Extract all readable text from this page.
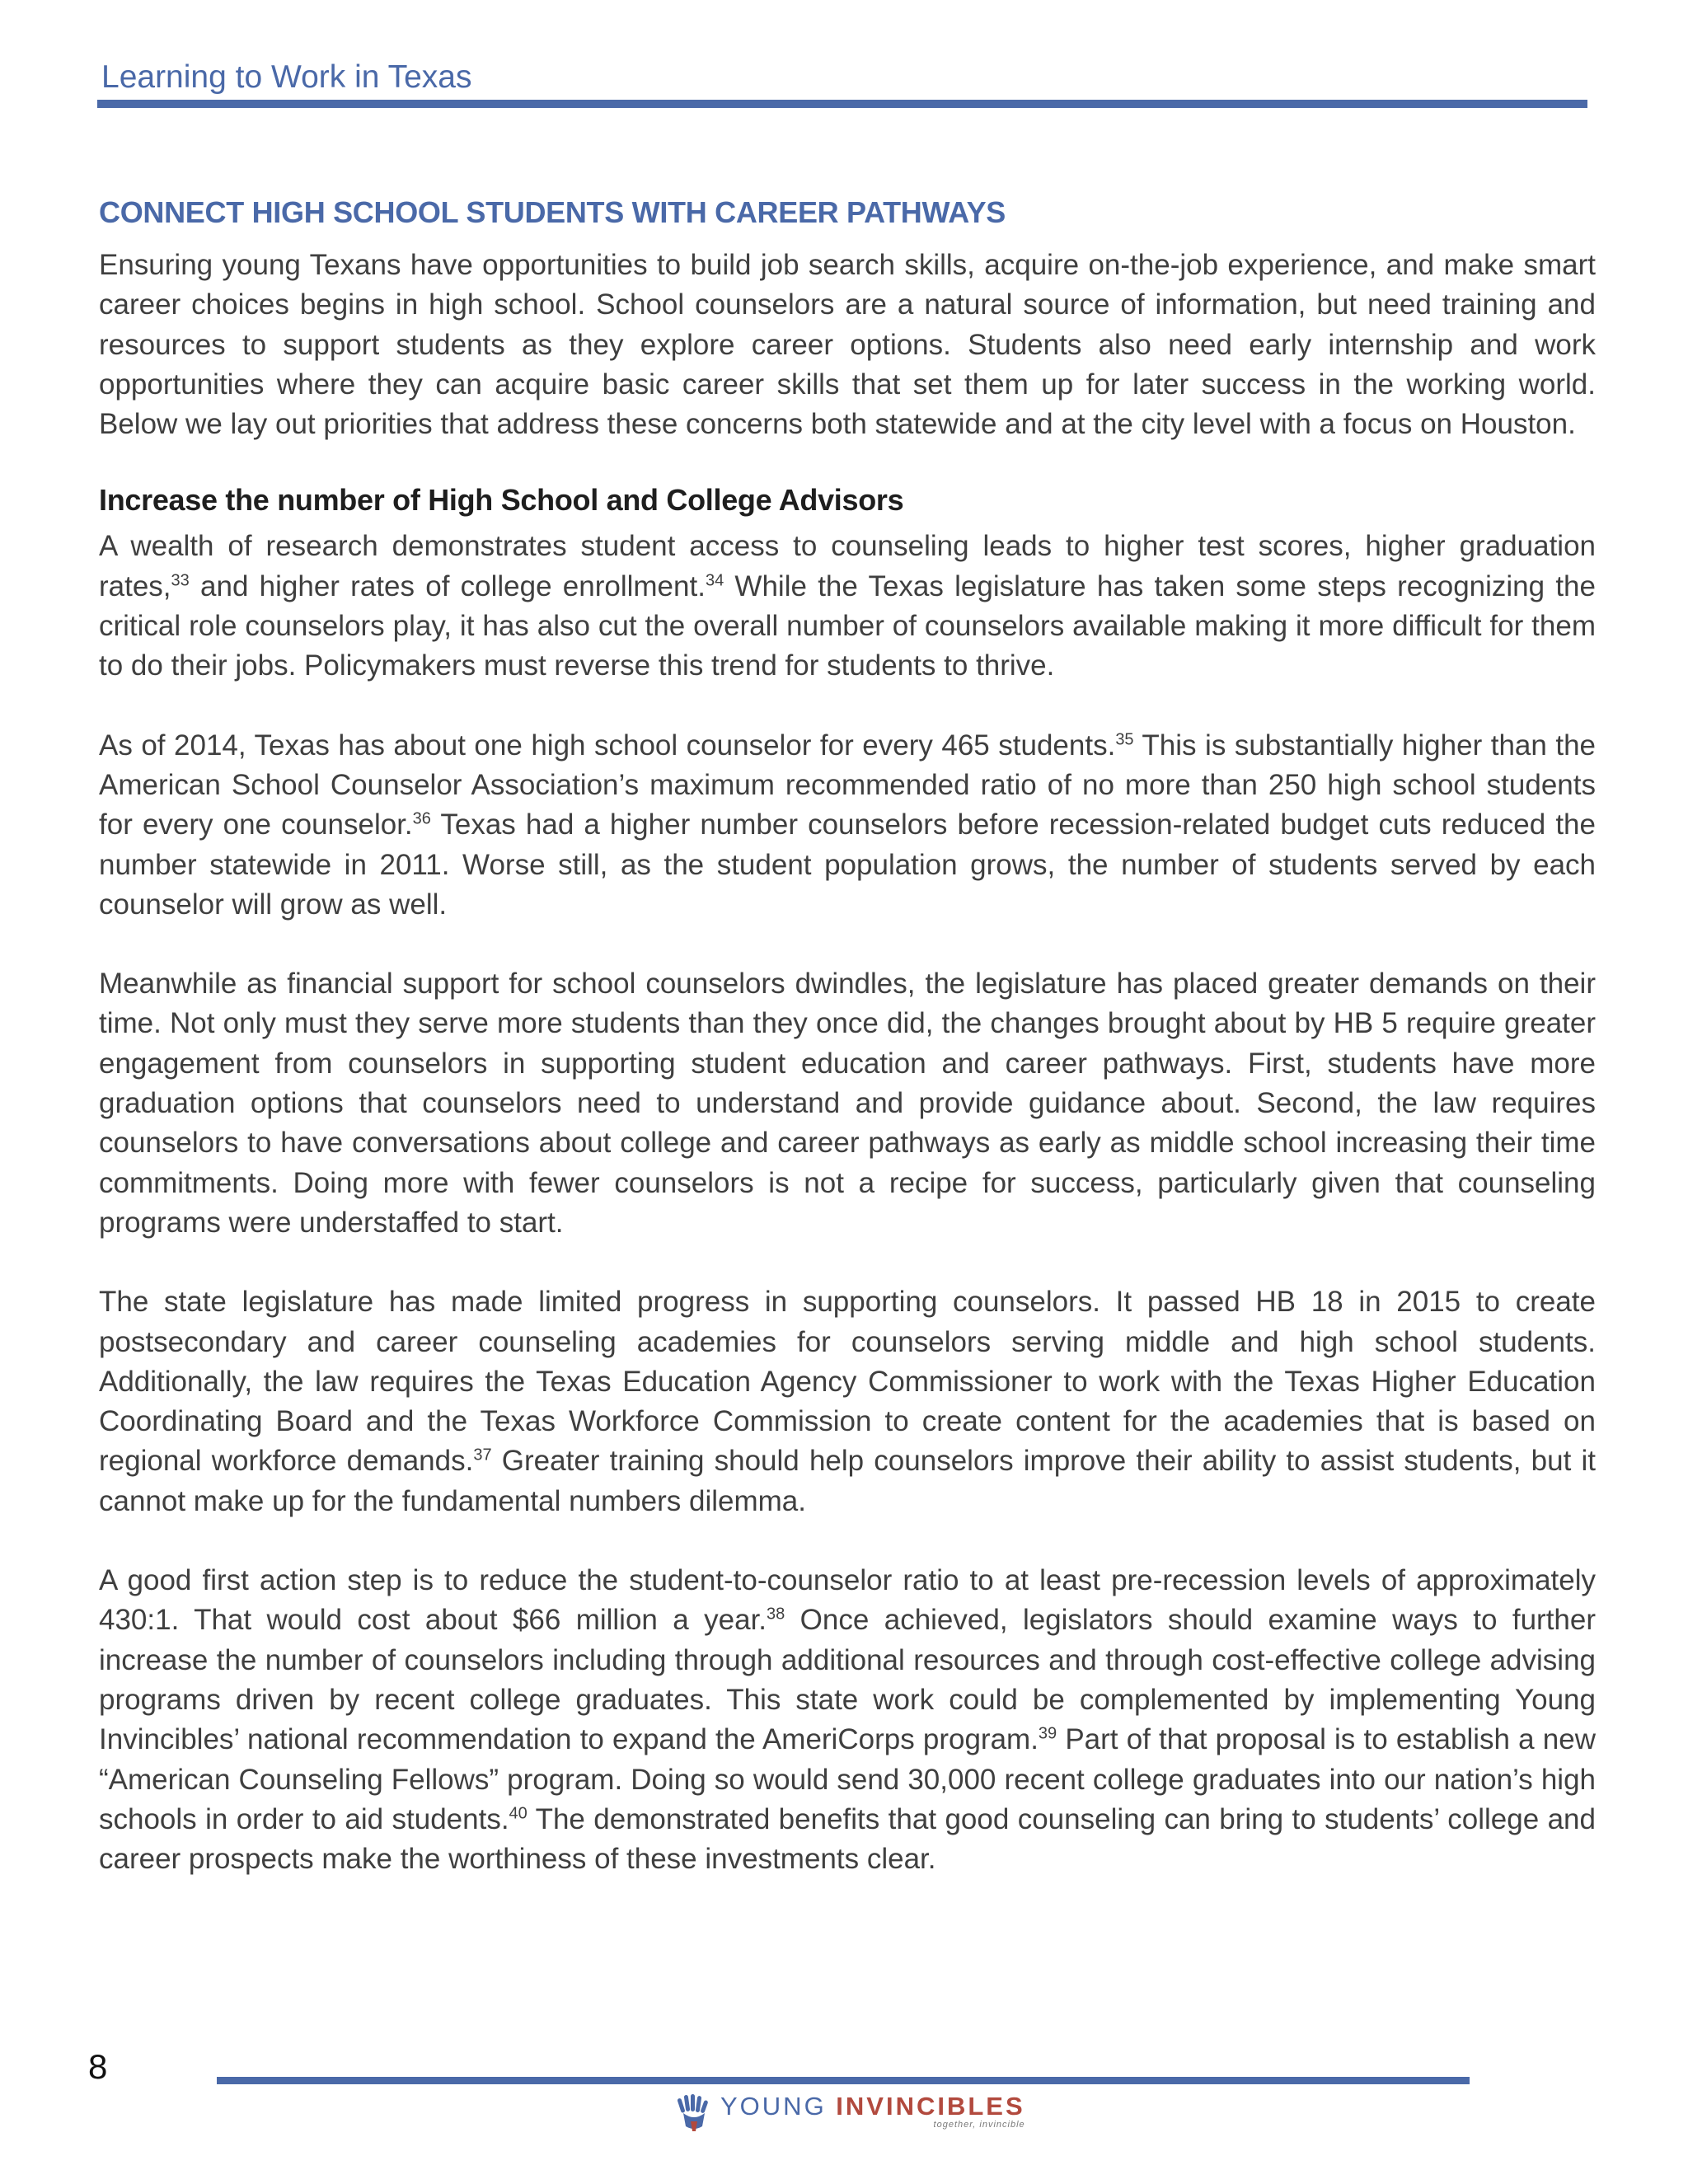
Learning to Work in Texas
CONNECT HIGH SCHOOL STUDENTS WITH CAREER PATHWAYS

Ensuring young Texans have opportunities to build job search skills, acquire on-the-job experience, and make smart career choices begins in high school. School counselors are a natural source of information, but need training and resources to support students as they explore career options. Students also need early internship and work opportunities where they can acquire basic career skills that set them up for later success in the working world. Below we lay out priorities that address these concerns both statewide and at the city level with a focus on Houston.

Increase the number of High School and College Advisors

A wealth of research demonstrates student access to counseling leads to higher test scores, higher graduation rates,$^{33}$ and higher rates of college enrollment.$^{34}$ While the Texas legislature has taken some steps recognizing the critical role counselors play, it has also cut the overall number of counselors available making it more difficult for them to do their jobs. Policymakers must reverse this trend for students to thrive.

As of 2014, Texas has about one high school counselor for every 465 students.$^{35}$ This is substantially higher than the American School Counselor Association’s maximum recommended ratio of no more than 250 high school students for every one counselor.$^{36}$ Texas had a higher number counselors before recession-related budget cuts reduced the number statewide in 2011. Worse still, as the student population grows, the number of students served by each counselor will grow as well.

Meanwhile as financial support for school counselors dwindles, the legislature has placed greater demands on their time. Not only must they serve more students than they once did, the changes brought about by HB 5 require greater engagement from counselors in supporting student education and career pathways. First, students have more graduation options that counselors need to understand and provide guidance about. Second, the law requires counselors to have conversations about college and career pathways as early as middle school increasing their time commitments. Doing more with fewer counselors is not a recipe for success, particularly given that counseling programs were understaffed to start.

The state legislature has made limited progress in supporting counselors. It passed HB 18 in 2015 to create postsecondary and career counseling academies for counselors serving middle and high school students. Additionally, the law requires the Texas Education Agency Commissioner to work with the Texas Higher Education Coordinating Board and the Texas Workforce Commission to create content for the academies that is based on regional workforce demands.$^{37}$ Greater training should help counselors improve their ability to assist students, but it cannot make up for the fundamental numbers dilemma.

A good first action step is to reduce the student-to-counselor ratio to at least pre-recession levels of approximately 430:1. That would cost about $66 million a year.$^{38}$ Once achieved, legislators should examine ways to further increase the number of counselors including through additional resources and through cost-effective college advising programs driven by recent college graduates. This state work could be complemented by implementing Young Invincibles’ national recommendation to expand the AmeriCorps program.$^{39}$ Part of that proposal is to establish a new “American Counseling Fellows” program. Doing so would send 30,000 recent college graduates into our nation’s high schools in order to aid students.$^{40}$ The demonstrated benefits that good counseling can bring to students’ college and career prospects make the worthiness of these investments clear.

8
YOUNG INVINCIBLES
together, invincible
